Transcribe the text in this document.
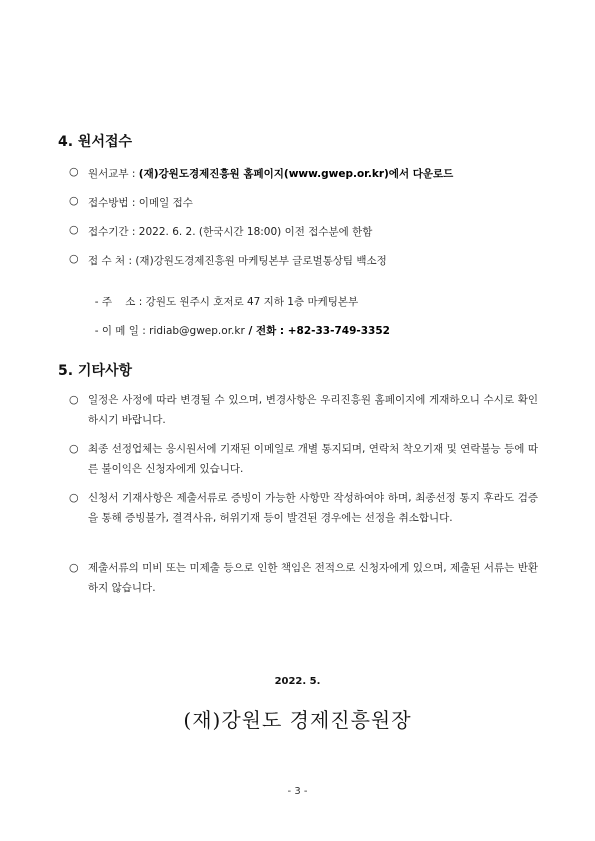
4. 원서접수
○ 원서교부 : (재)강원도경제진흥원 홈페이지(www.gwep.or.kr)에서 다운로드
○ 접수방법 : 이메일 접수
○ 접수기간 : 2022. 6. 2. (한국시간 18:00) 이전 접수분에 한함
○ 접 수 처 : (재)강원도경제진흥원 마케팅본부 글로벌통상팀 백소정

- 주    소 : 강원도 원주시 호저로 47 지하 1층 마케팅본부

- 이 메 일 : ridiab@gwep.or.kr / 전화 : +82-33-749-3352

5. 기타사항
○ 일정은 사정에 따라 변경될 수 있으며, 변경사항은 우리진흥원 홈페이지에 게재하오니 수시로 확인하시기 바랍니다.
○ 최종 선정업체는 응시원서에 기재된 이메일로 개별 통지되며, 연락처 착오기재 및 연락불능 등에 따른 불이익은 신청자에게 있습니다.
○ 신청서 기재사항은 제출서류로 증빙이 가능한 사항만 작성하여야 하며, 최종선정 통지 후라도 검증을 통해 증빙불가, 결격사유, 허위기재 등이 발견된 경우에는 선정을 취소합니다.
○ 제출서류의 미비 또는 미제출 등으로 인한 책임은 전적으로 신청자에게 있으며, 제출된 서류는 반환하지 않습니다.
2022. 5.
(재)강원도 경제진흥원장
- 3 -
